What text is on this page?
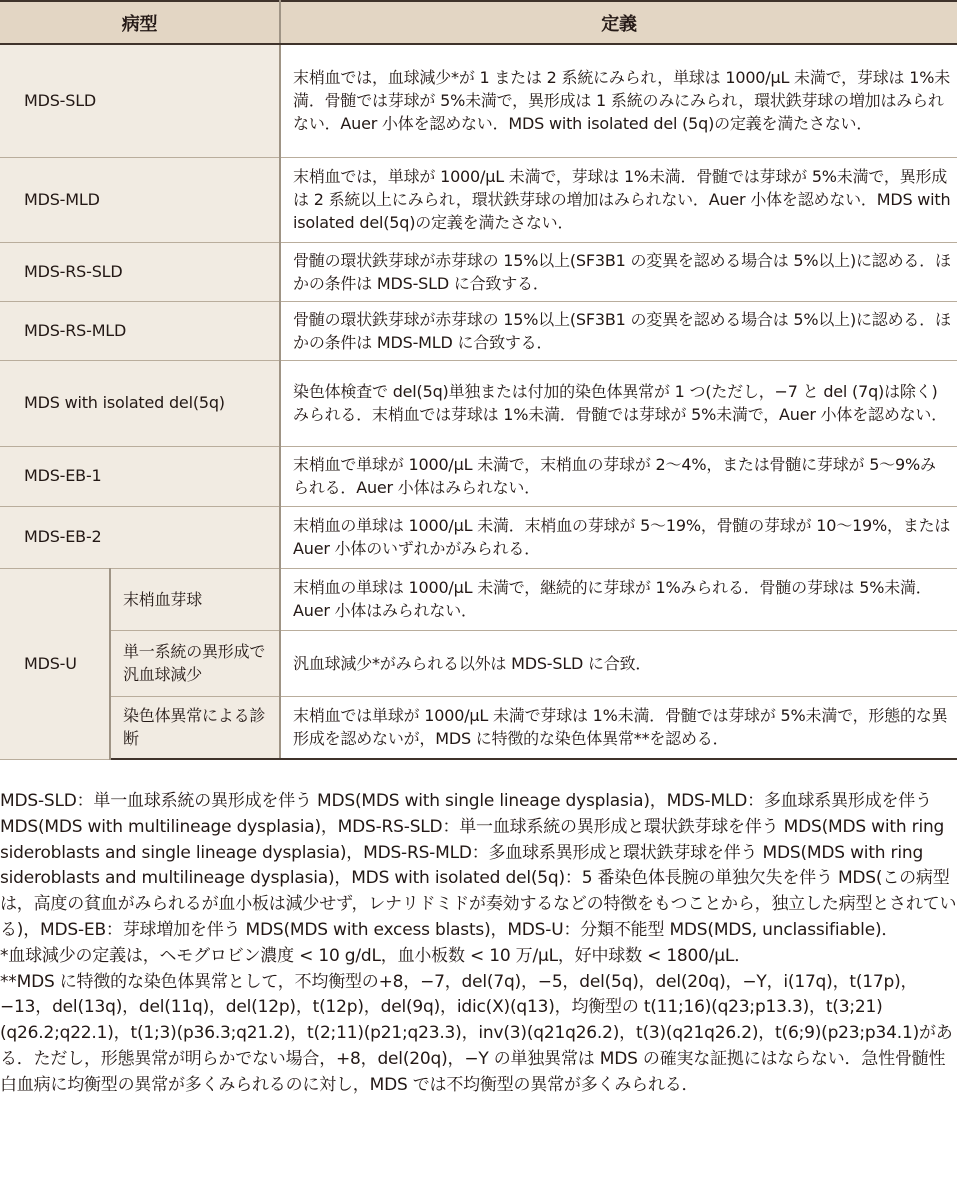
病型		定義
MDS-SLD		末梢血では，血球減少*が 1 または 2 系統にみられ，単球は 1000/μL 未満で，芽球は 1%未満．骨髄では芽球が 5%未満で，異形成は 1 系統のみにみられ，環状鉄芽球の増加はみられない．Auer 小体を認めない．MDS with isolated del (5q)の定義を満たさない．
MDS-MLD		末梢血では，単球が 1000/μL 未満で，芽球は 1%未満．骨髄では芽球が 5%未満で，異形成は 2 系統以上にみられ，環状鉄芽球の増加はみられない．Auer 小体を認めない．MDS with isolated del(5q)の定義を満たさない．
MDS-RS-SLD		骨髄の環状鉄芽球が赤芽球の 15%以上(SF3B1 の変異を認める場合は 5%以上)に認める．ほかの条件は MDS-SLD に合致する．
MDS-RS-MLD		骨髄の環状鉄芽球が赤芽球の 15%以上(SF3B1 の変異を認める場合は 5%以上)に認める．ほかの条件は MDS-MLD に合致する．
MDS with isolated del(5q)		染色体検査で del(5q)単独または付加的染色体異常が 1 つ(ただし，−7 と del (7q)は除く)みられる．末梢血では芽球は 1%未満．骨髄では芽球が 5%未満で，Auer 小体を認めない．
MDS-EB-1		末梢血で単球が 1000/μL 未満で，末梢血の芽球が 2〜4%，または骨髄に芽球が 5〜9%みられる．Auer 小体はみられない．
MDS-EB-2		末梢血の単球は 1000/μL 未満．末梢血の芽球が 5〜19%，骨髄の芽球が 10〜19%，または Auer 小体のいずれかがみられる．
MDS-U	末梢血芽球	末梢血の単球は 1000/μL 未満で，継続的に芽球が 1%みられる．骨髄の芽球は 5%未満．Auer 小体はみられない．
	単一系統の異形成で汎血球減少	汎血球減少*がみられる以外は MDS-SLD に合致．
	染色体異常による診断	末梢血では単球が 1000/μL 未満で芽球は 1%未満．骨髄では芽球が 5%未満で，形態的な異形成を認めないが，MDS に特徴的な染色体異常**を認める．

MDS-SLD：単一血球系統の異形成を伴う MDS(MDS with single lineage dysplasia)，MDS-MLD：多血球系異形成を伴う MDS(MDS with multilineage dysplasia)，MDS-RS-SLD：単一血球系統の異形成と環状鉄芽球を伴う MDS(MDS with ring sideroblasts and single lineage dysplasia)，MDS-RS-MLD：多血球系異形成と環状鉄芽球を伴う MDS(MDS with ring sideroblasts and multilineage dysplasia)，MDS with isolated del(5q)：5 番染色体長腕の単独欠失を伴う MDS(この病型は，高度の貧血がみられるが血小板は減少せず，レナリドミドが奏効するなどの特徴をもつことから，独立した病型とされている)，MDS-EB：芽球増加を伴う MDS(MDS with excess blasts)，MDS-U：分類不能型 MDS(MDS, unclassifiable)．

*血球減少の定義は，ヘモグロビン濃度 < 10 g/dL，血小板数 < 10 万/μL，好中球数 < 1800/μL．

**MDS に特徴的な染色体異常として，不均衡型の+8，−7，del(7q)，−5，del(5q)，del(20q)，−Y，i(17q)，t(17p)，−13，del(13q)，del(11q)，del(12p)，t(12p)，del(9q)，idic(X)(q13)，均衡型の t(11;16)(q23;p13.3)，t(3;21)(q26.2;q22.1)，t(1;3)(p36.3;q21.2)，t(2;11)(p21;q23.3)，inv(3)(q21q26.2)，t(3)(q21q26.2)，t(6;9)(p23;p34.1)がある．ただし，形態異常が明らかでない場合，+8，del(20q)，−Y の単独異常は MDS の確実な証拠にはならない．急性骨髄性白血病に均衡型の異常が多くみられるのに対し，MDS では不均衡型の異常が多くみられる．
